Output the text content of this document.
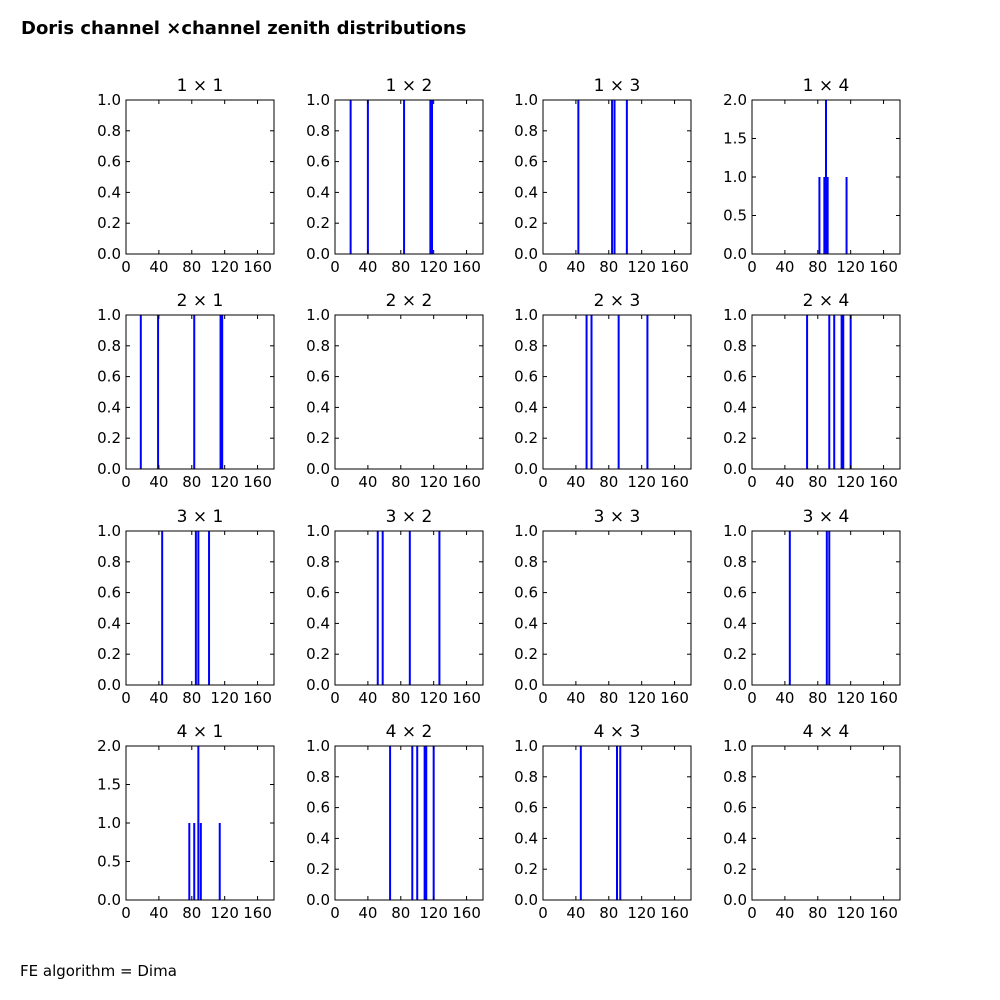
Doris channel ×channel zenith distributions
1 × 1
0 40 80 120 160
0.0
0.2
0.4
0.6
0.8
1.0
1 × 2
0 40 80 120 160
0.0
0.2
0.4
0.6
0.8
1.0
1 × 3
0 40 80 120 160
0.0
0.2
0.4
0.6
0.8
1.0
1 × 4
0 40 80 120 160
0.0
0.5
1.0
1.5
2.0
2 × 1
0 40 80 120 160
0.0
0.2
0.4
0.6
0.8
1.0
2 × 2
0 40 80 120 160
0.0
0.2
0.4
0.6
0.8
1.0
2 × 3
0 40 80 120 160
0.0
0.2
0.4
0.6
0.8
1.0
2 × 4
0 40 80 120 160
0.0
0.2
0.4
0.6
0.8
1.0
3 × 1
0 40 80 120 160
0.0
0.2
0.4
0.6
0.8
1.0
3 × 2
0 40 80 120 160
0.0
0.2
0.4
0.6
0.8
1.0
3 × 3
0 40 80 120 160
0.0
0.2
0.4
0.6
0.8
1.0
3 × 4
0 40 80 120 160
0.0
0.2
0.4
0.6
0.8
1.0
4 × 1
0 40 80 120 160
0.0
0.5
1.0
1.5
2.0
4 × 2
0 40 80 120 160
0.0
0.2
0.4
0.6
0.8
1.0
4 × 3
0 40 80 120 160
0.0
0.2
0.4
0.6
0.8
1.0
4 × 4
0 40 80 120 160
0.0
0.2
0.4
0.6
0.8
1.0
FE algorithm = Dima
